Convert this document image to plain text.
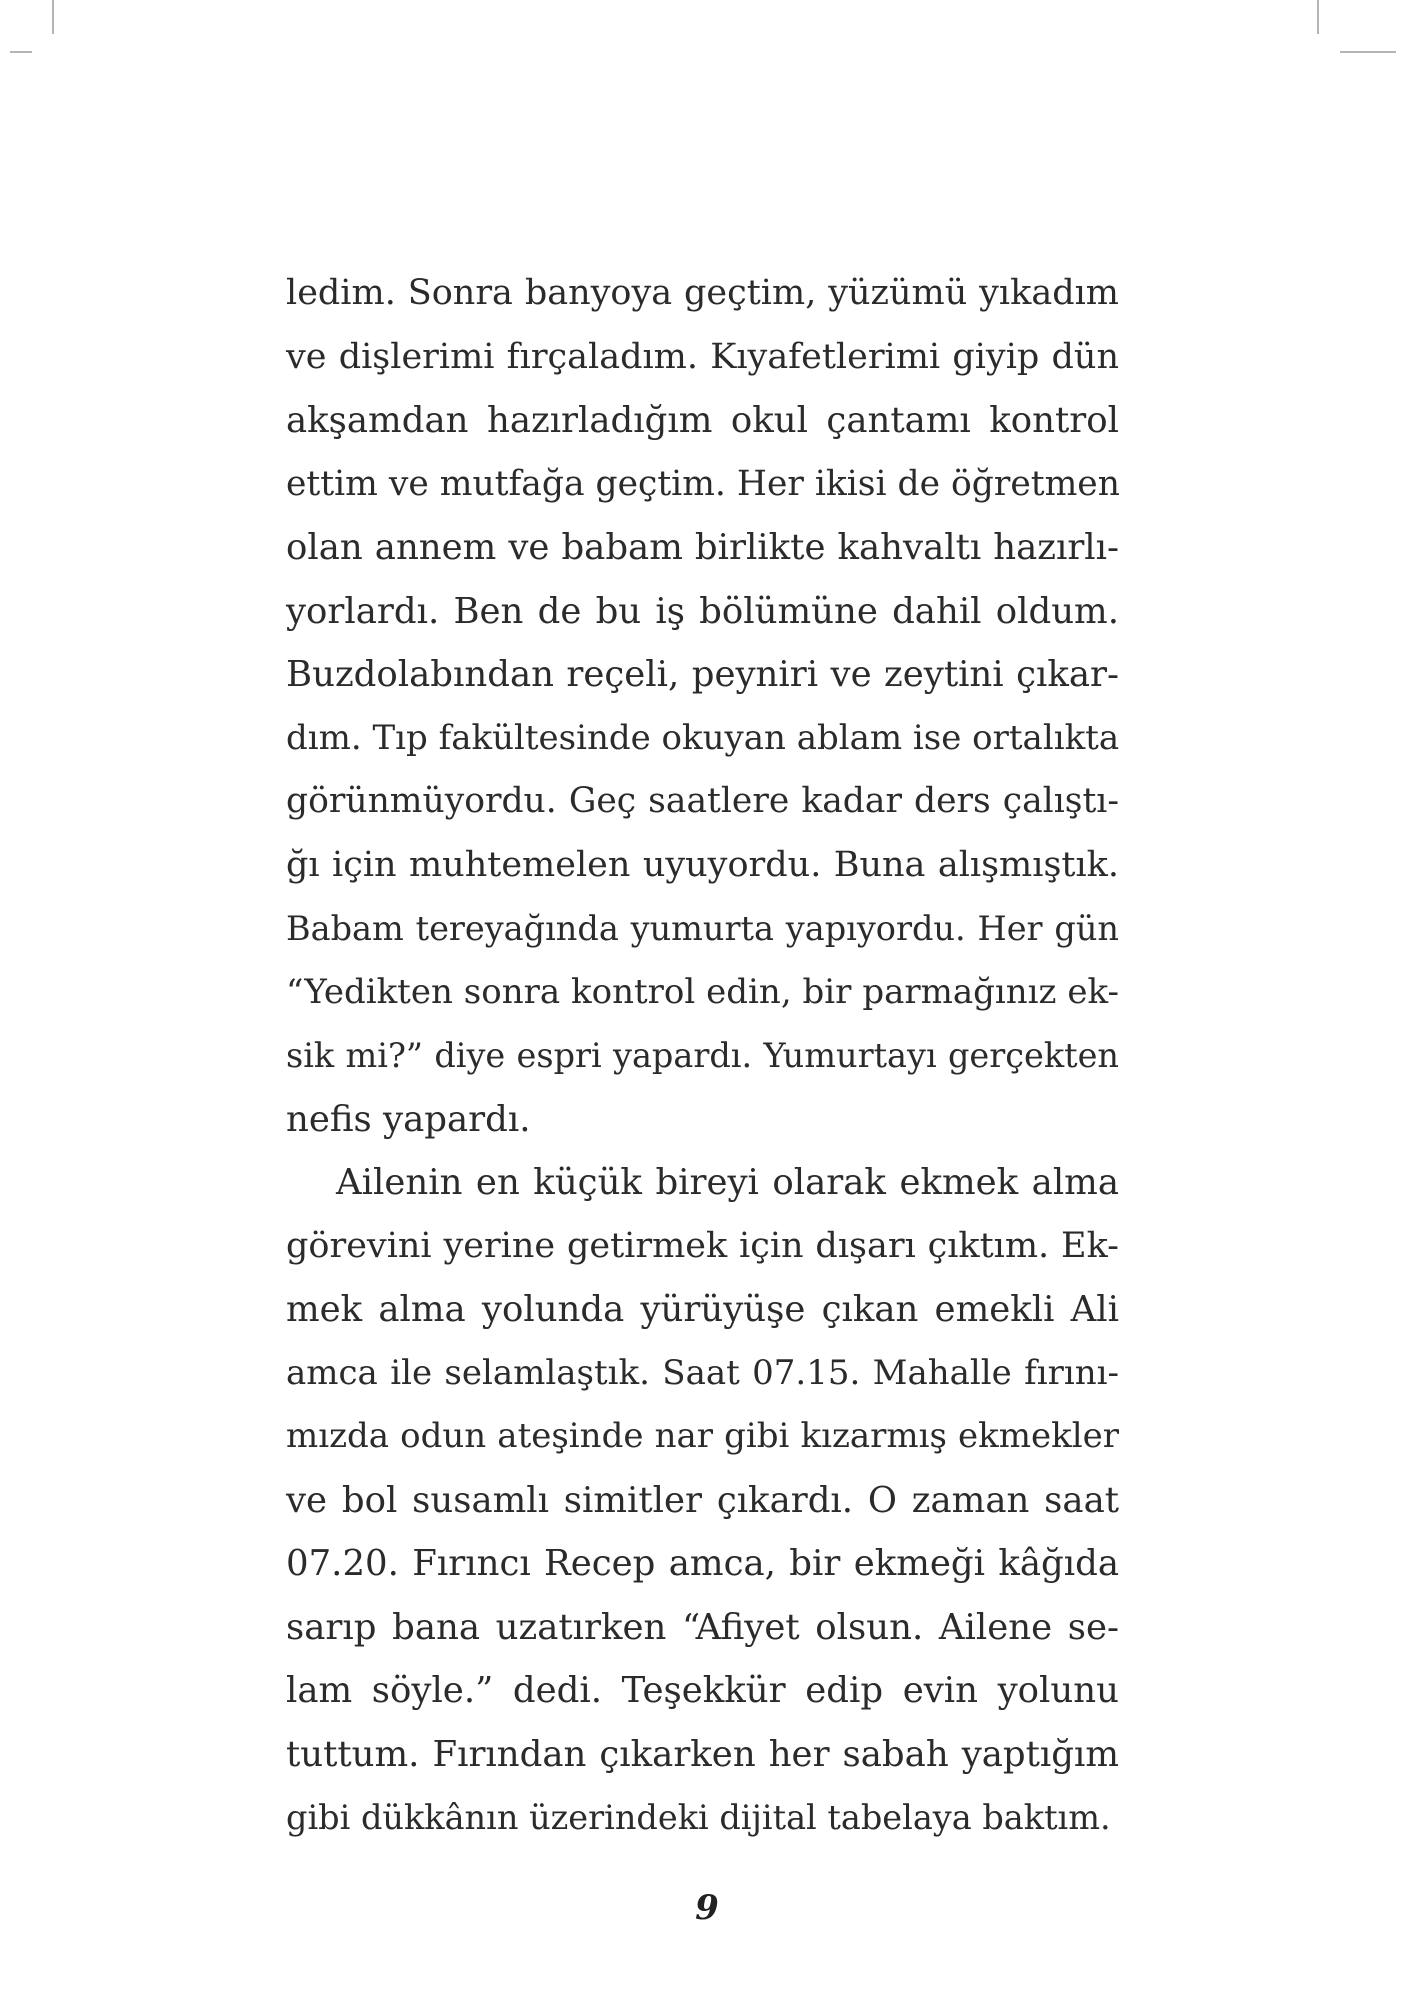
ledim. Sonra banyoya geçtim, yüzümü yıkadım
ve dişlerimi fırçaladım. Kıyafetlerimi giyip dün
akşamdan hazırladığım okul çantamı kontrol
ettim ve mutfağa geçtim. Her ikisi de öğretmen
olan annem ve babam birlikte kahvaltı hazırlı-
yorlardı. Ben de bu iş bölümüne dahil oldum.
Buzdolabından reçeli, peyniri ve zeytini çıkar-
dım. Tıp fakültesinde okuyan ablam ise ortalıkta
görünmüyordu. Geç saatlere kadar ders çalıştı-
ğı için muhtemelen uyuyordu. Buna alışmıştık.
Babam tereyağında yumurta yapıyordu. Her gün
“Yedikten sonra kontrol edin, bir parmağınız ek-
sik mi?” diye espri yapardı. Yumurtayı gerçekten
nefis yapardı.
Ailenin en küçük bireyi olarak ekmek alma
görevini yerine getirmek için dışarı çıktım. Ek-
mek alma yolunda yürüyüşe çıkan emekli Ali
amca ile selamlaştık. Saat 07.15. Mahalle fırını-
mızda odun ateşinde nar gibi kızarmış ekmekler
ve bol susamlı simitler çıkardı. O zaman saat
07.20. Fırıncı Recep amca, bir ekmeği kâğıda
sarıp bana uzatırken “Afiyet olsun. Ailene se-
lam söyle.” dedi. Teşekkür edip evin yolunu
tuttum. Fırından çıkarken her sabah yaptığım
gibi dükkânın üzerindeki dijital tabelaya baktım.
9
